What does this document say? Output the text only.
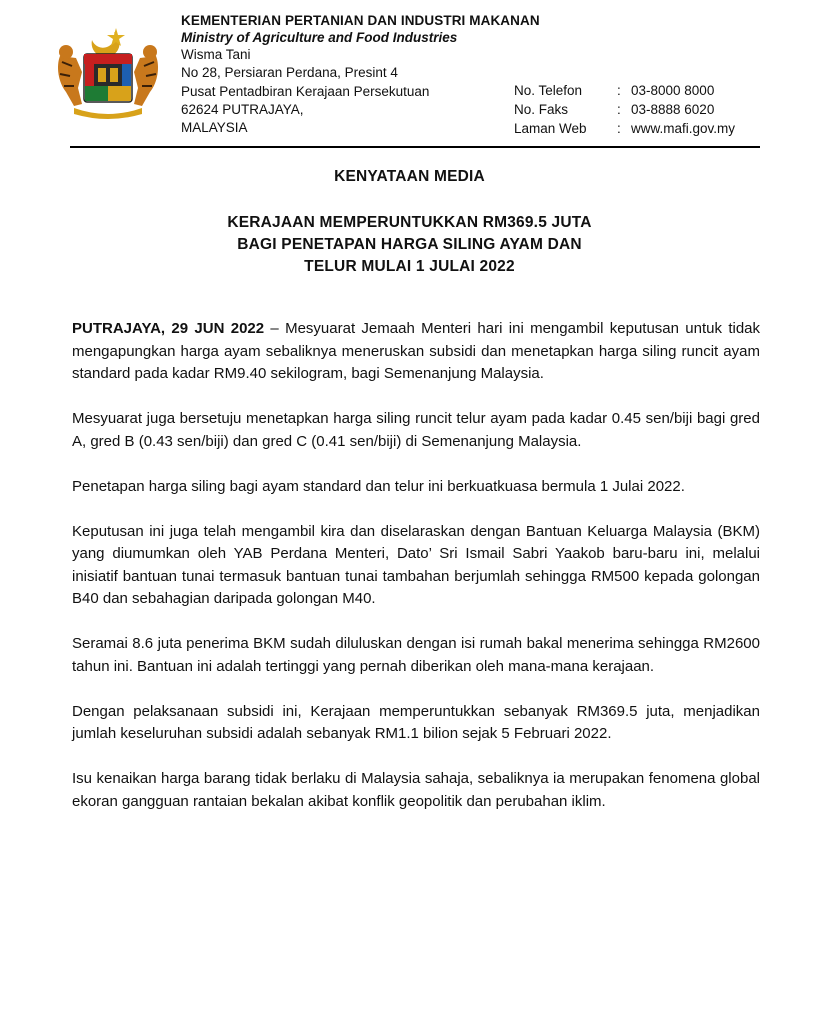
KEMENTERIAN PERTANIAN DAN INDUSTRI MAKANAN
Ministry of Agriculture and Food Industries
Wisma Tani
No 28, Persiaran Perdana, Presint 4
Pusat Pentadbiran Kerajaan Persekutuan
62624 PUTRAJAYA,
MALAYSIA
No. Telefon	: 03-8000 8000
No. Faks	: 03-8888 6020
Laman Web	: www.mafi.gov.my
KENYATAAN MEDIA
KERAJAAN MEMPERUNTUKKAN RM369.5 JUTA
BAGI PENETAPAN HARGA SILING AYAM DAN
TELUR MULAI 1 JULAI 2022

PUTRAJAYA, 29 JUN 2022 – Mesyuarat Jemaah Menteri hari ini mengambil keputusan untuk tidak mengapungkan harga ayam sebaliknya meneruskan subsidi dan menetapkan harga siling runcit ayam standard pada kadar RM9.40 sekilogram, bagi Semenanjung Malaysia.

Mesyuarat juga bersetuju menetapkan harga siling runcit telur ayam pada kadar 0.45 sen/biji bagi gred A, gred B (0.43 sen/biji) dan gred C (0.41 sen/biji) di Semenanjung Malaysia.

Penetapan harga siling bagi ayam standard dan telur ini berkuatkuasa bermula 1 Julai 2022.

Keputusan ini juga telah mengambil kira dan diselaraskan dengan Bantuan Keluarga Malaysia (BKM) yang diumumkan oleh YAB Perdana Menteri, Dato’ Sri Ismail Sabri Yaakob baru-baru ini, melalui inisiatif bantuan tunai termasuk bantuan tunai tambahan berjumlah sehingga RM500 kepada golongan B40 dan sebahagian daripada golongan M40.

Seramai 8.6 juta penerima BKM sudah diluluskan dengan isi rumah bakal menerima sehingga RM2600 tahun ini. Bantuan ini adalah tertinggi yang pernah diberikan oleh mana-mana kerajaan.

Dengan pelaksanaan subsidi ini, Kerajaan memperuntukkan sebanyak RM369.5 juta, menjadikan jumlah keseluruhan subsidi adalah sebanyak RM1.1 bilion sejak 5 Februari 2022.

Isu kenaikan harga barang tidak berlaku di Malaysia sahaja, sebaliknya ia merupakan fenomena global ekoran gangguan rantaian bekalan akibat konflik geopolitik dan perubahan iklim.
